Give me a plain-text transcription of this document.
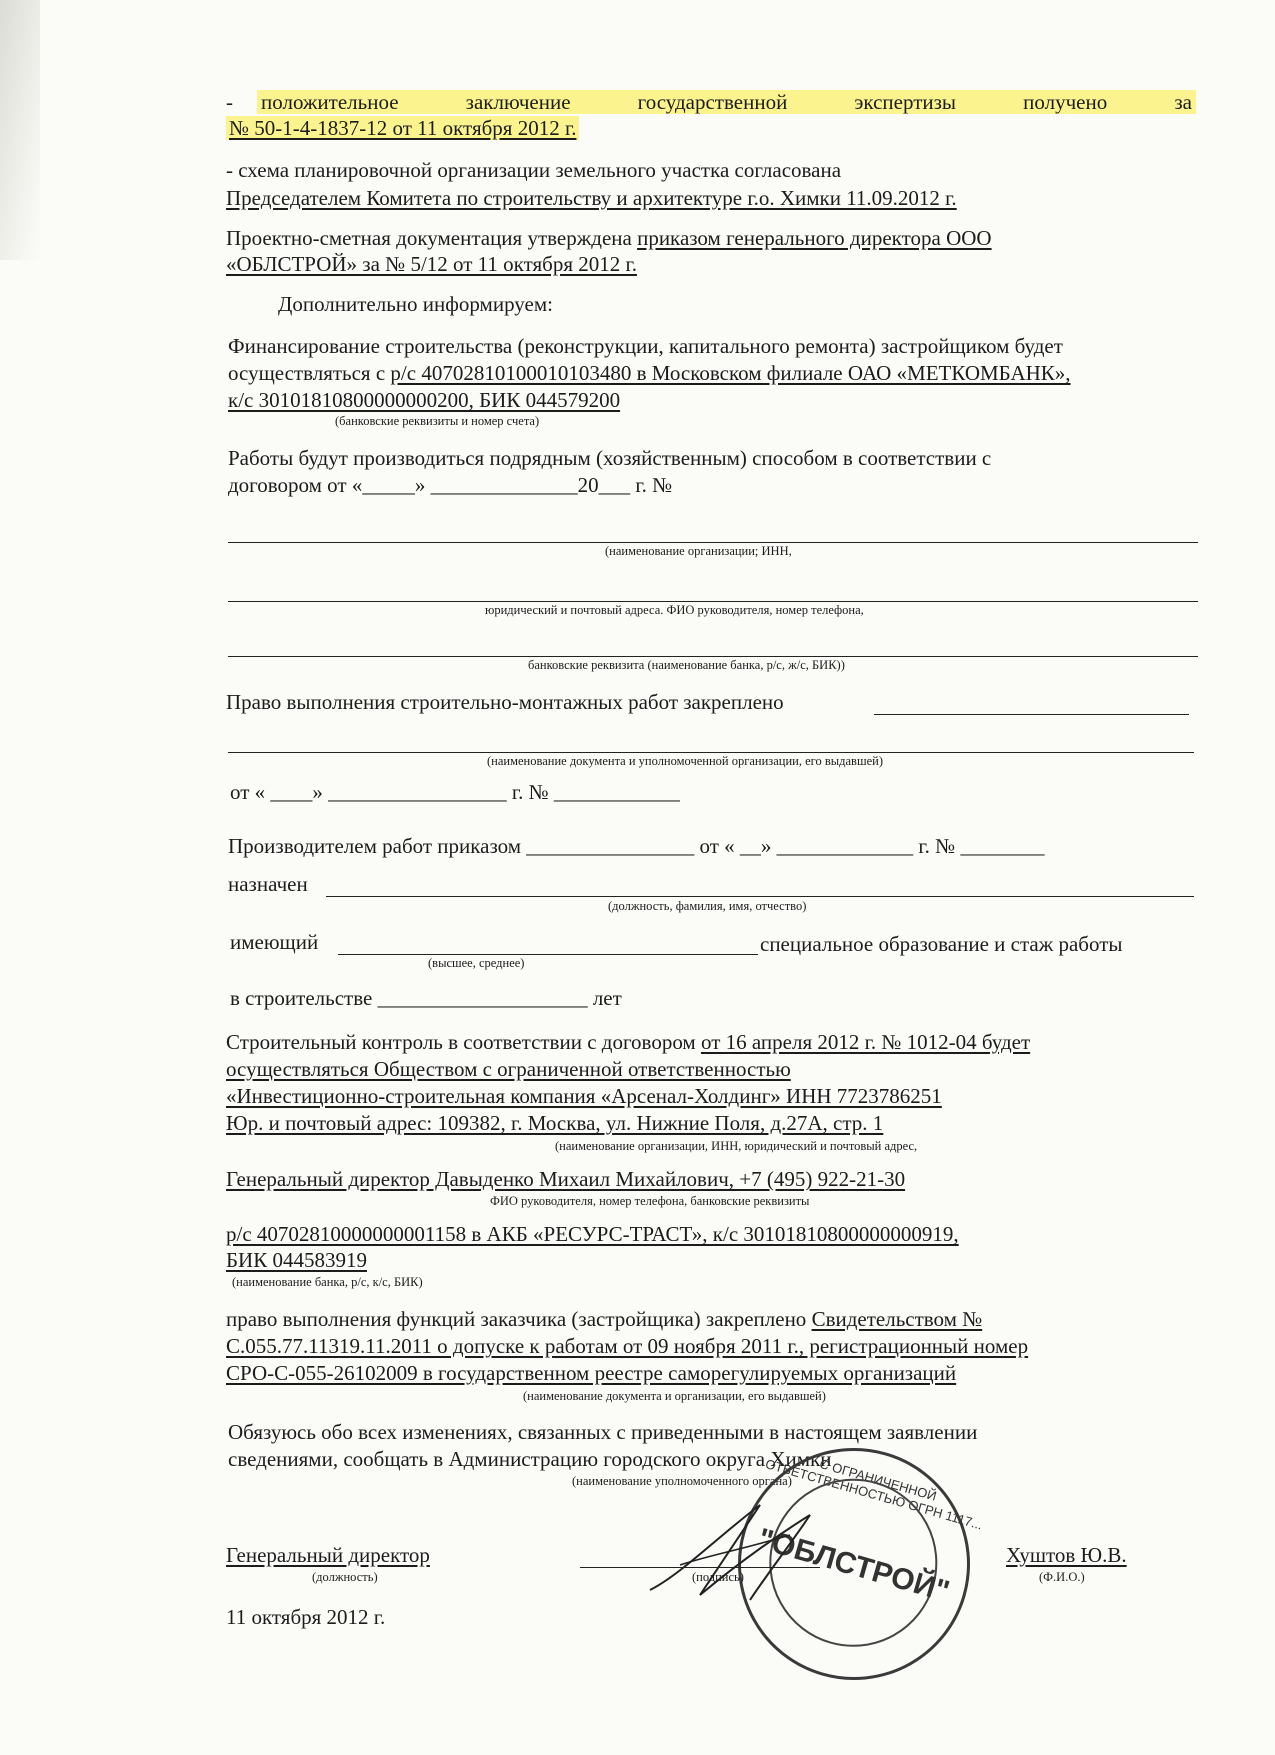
- положительное	заключение	государственной	экспертизы	получено	за
№ 50-1-4-1837-12 от 11 октября 2012 г.
- схема планировочной организации земельного участка согласована
Председателем Комитета по строительству и архитектуре г.о. Химки 11.09.2012 г.
Проектно-сметная документация утверждена приказом генерального директора ООО
«ОБЛСТРОЙ» за № 5/12 от 11 октября 2012 г.
Дополнительно информируем:
Финансирование строительства (реконструкции, капитального ремонта) застройщиком будет
осуществляться с р/с 40702810100010103480 в Московском филиале ОАО «МЕТКОМБАНК»,
к/с 30101810800000000200, БИК 044579200
(банковские реквизиты и номер счета)
Работы будут производиться подрядным (хозяйственным) способом в соответствии с
договором от «_____» ______________20___ г. №
(наименование организации; ИНН,
юридический и почтовый адреса. ФИО руководителя, номер телефона,
банковские реквизита (наименование банка, р/с, ж/с, БИК))
Право выполнения строительно-монтажных работ закреплено
(наименование документа и уполномоченной организации, его выдавшей)
от « ____» _________________ г. № ____________
Производителем работ приказом ________________ от « __» _____________ г. № ________
назначен
(должность, фамилия, имя, отчество)
имеющий	специальное образование и стаж работы
(высшее, среднее)
в строительстве ____________________ лет
Строительный контроль в соответствии с договором от 16 апреля 2012 г. № 1012-04 будет
осуществляться Обществом с ограниченной ответственностью
«Инвестиционно-строительная компания «Арсенал-Холдинг» ИНН 7723786251
Юр. и почтовый адрес: 109382, г. Москва, ул. Нижние Поля, д.27А, стр. 1
(наименование организации, ИНН, юридический и почтовый адрес,
Генеральный директор Давыденко Михаил Михайлович, +7 (495) 922-21-30
ФИО руководителя, номер телефона, банковские реквизиты
р/с 40702810000000001158 в АКБ «РЕСУРС-ТРАСТ», к/с 30101810800000000919,
БИК 044583919
(наименование банка, р/с, к/с, БИК)
право выполнения функций заказчика (застройщика) закреплено Свидетельством №
С.055.77.11319.11.2011 о допуске к работам от 09 ноября 2011 г., регистрационный номер
СРО-С-055-26102009 в государственном реестре саморегулируемых организаций
(наименование документа и организации, его выдавшей)
Обязуюсь обо всех изменениях, связанных с приведенными в настоящем заявлении
сведениями, сообщать в Администрацию городского округа Химки
(наименование уполномоченного органа)	С ОГРАНИЧЕННОЙ ОТВЕТСТВЕННОСТЬЮ ОГРН 1117...
"ОБЛСТРОЙ"
Генеральный директор
(должность)	(подпись)
Хуштов Ю.В.
(Ф.И.О.)
11 октября 2012 г.
